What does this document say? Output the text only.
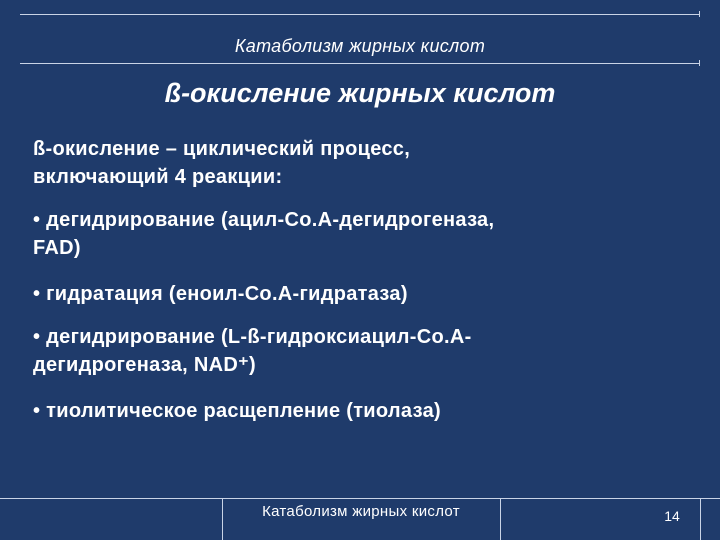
Катаболизм жирных кислот
ß-окисление жирных кислот
ß-окисление – циклический процесс,
включающий 4 реакции:
• дегидрирование (ацил-Co.A-дегидрогеназа,
FAD)
• гидратация (еноил-Co.A-гидратаза)
• дегидрирование (L-ß-гидроксиацил-Co.A-
дегидрогеназа, NAD⁺)
• тиолитическое расщепление (тиолаза)
Катаболизм жирных кислот	14
